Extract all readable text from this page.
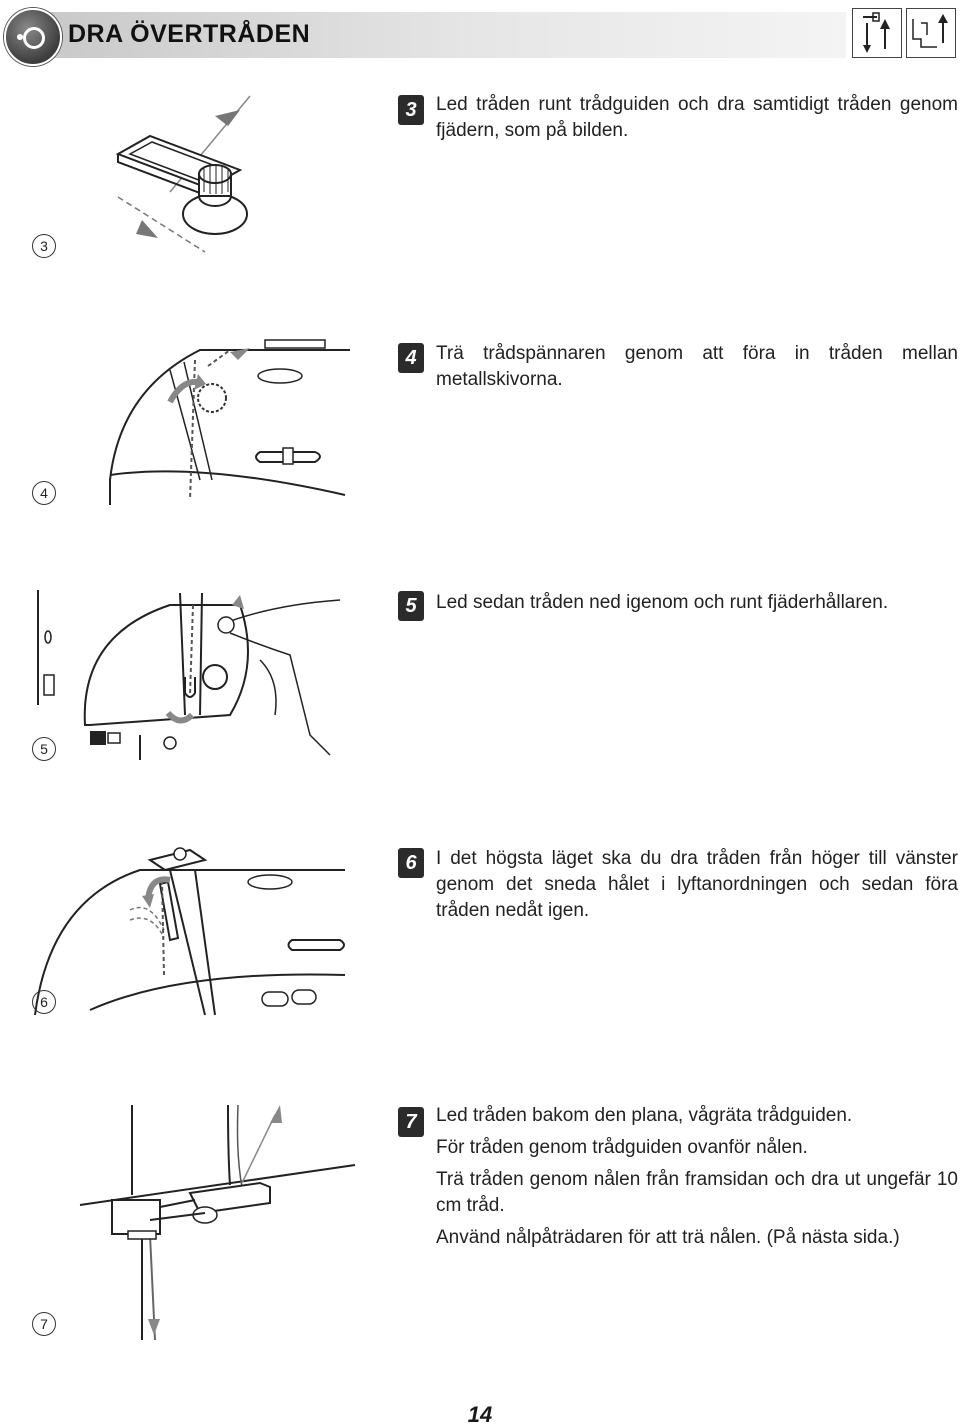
DRA ÖVERTRÅDEN
3	Led tråden runt trådguiden och dra samtidigt tråden genom fjädern, som på bilden.

3
4	Trä trådspännaren genom att föra in tråden mellan metallskivorna.

4
5	Led sedan tråden ned igenom och runt fjäderhållaren.

5
6	I det högsta läget ska du dra tråden från höger till vänster genom det sneda hålet i lyftanordningen och sedan föra tråden nedåt igen.

6
7	Led tråden bakom den plana, vågräta trådguiden.

För tråden genom trådguiden ovanför nålen.

Trä tråden genom nålen från framsidan och dra ut ungefär 10 cm tråd.

Använd nålpåträdaren för att trä nålen. (På nästa sida.)

7
14
